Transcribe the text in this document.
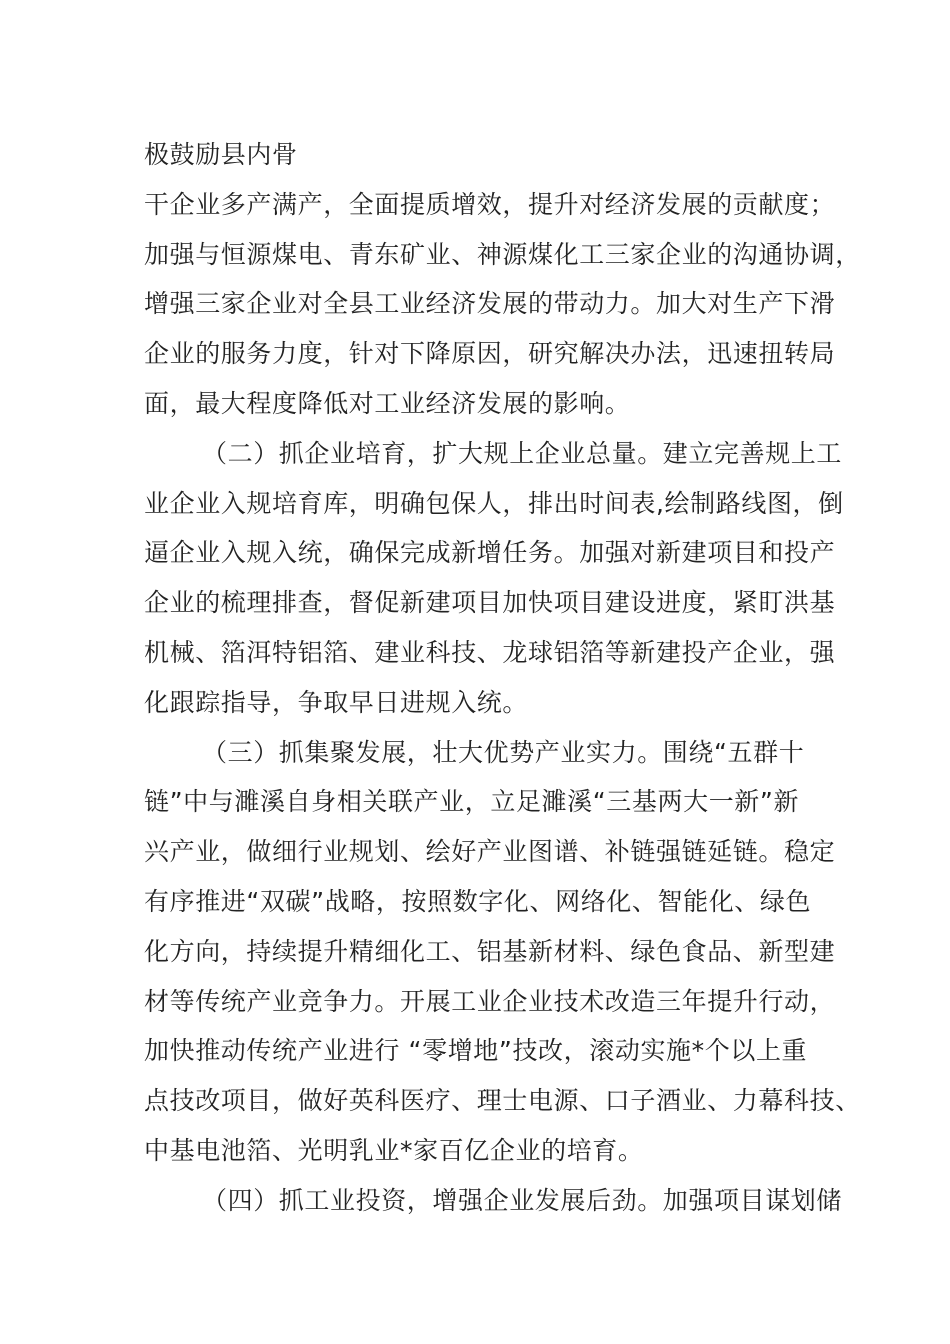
极鼓励县内骨
干企业多产满产，全面提质增效，提升对经济发展的贡献度；
加强与恒源煤电、青东矿业、神源煤化工三家企业的沟通协调，
增强三家企业对全县工业经济发展的带动力。加大对生产下滑
企业的服务力度，针对下降原因，研究解决办法，迅速扭转局
面，最大程度降低对工业经济发展的影响。
（二）抓企业培育，扩大规上企业总量。建立完善规上工
业企业入规培育库，明确包保人，排出时间表,绘制路线图，倒
逼企业入规入统，确保完成新增任务。加强对新建项目和投产
企业的梳理排查，督促新建项目加快项目建设进度，紧盯洪基
机械、箔洱特铝箔、建业科技、龙球铝箔等新建投产企业，强
化跟踪指导，争取早日进规入统。
（三）抓集聚发展，壮大优势产业实力。围绕“五群十
链”中与濉溪自身相关联产业，立足濉溪“三基两大一新”新
兴产业，做细行业规划、绘好产业图谱、补链强链延链。稳定
有序推进“双碳”战略，按照数字化、网络化、智能化、绿色
化方向，持续提升精细化工、铝基新材料、绿色食品、新型建
材等传统产业竞争力。开展工业企业技术改造三年提升行动，
加快推动传统产业进行 “零增地”技改，滚动实施*个以上重
点技改项目，做好英科医疗、理士电源、口子酒业、力幕科技、
中基电池箔、光明乳业*家百亿企业的培育。
（四）抓工业投资，增强企业发展后劲。加强项目谋划储
